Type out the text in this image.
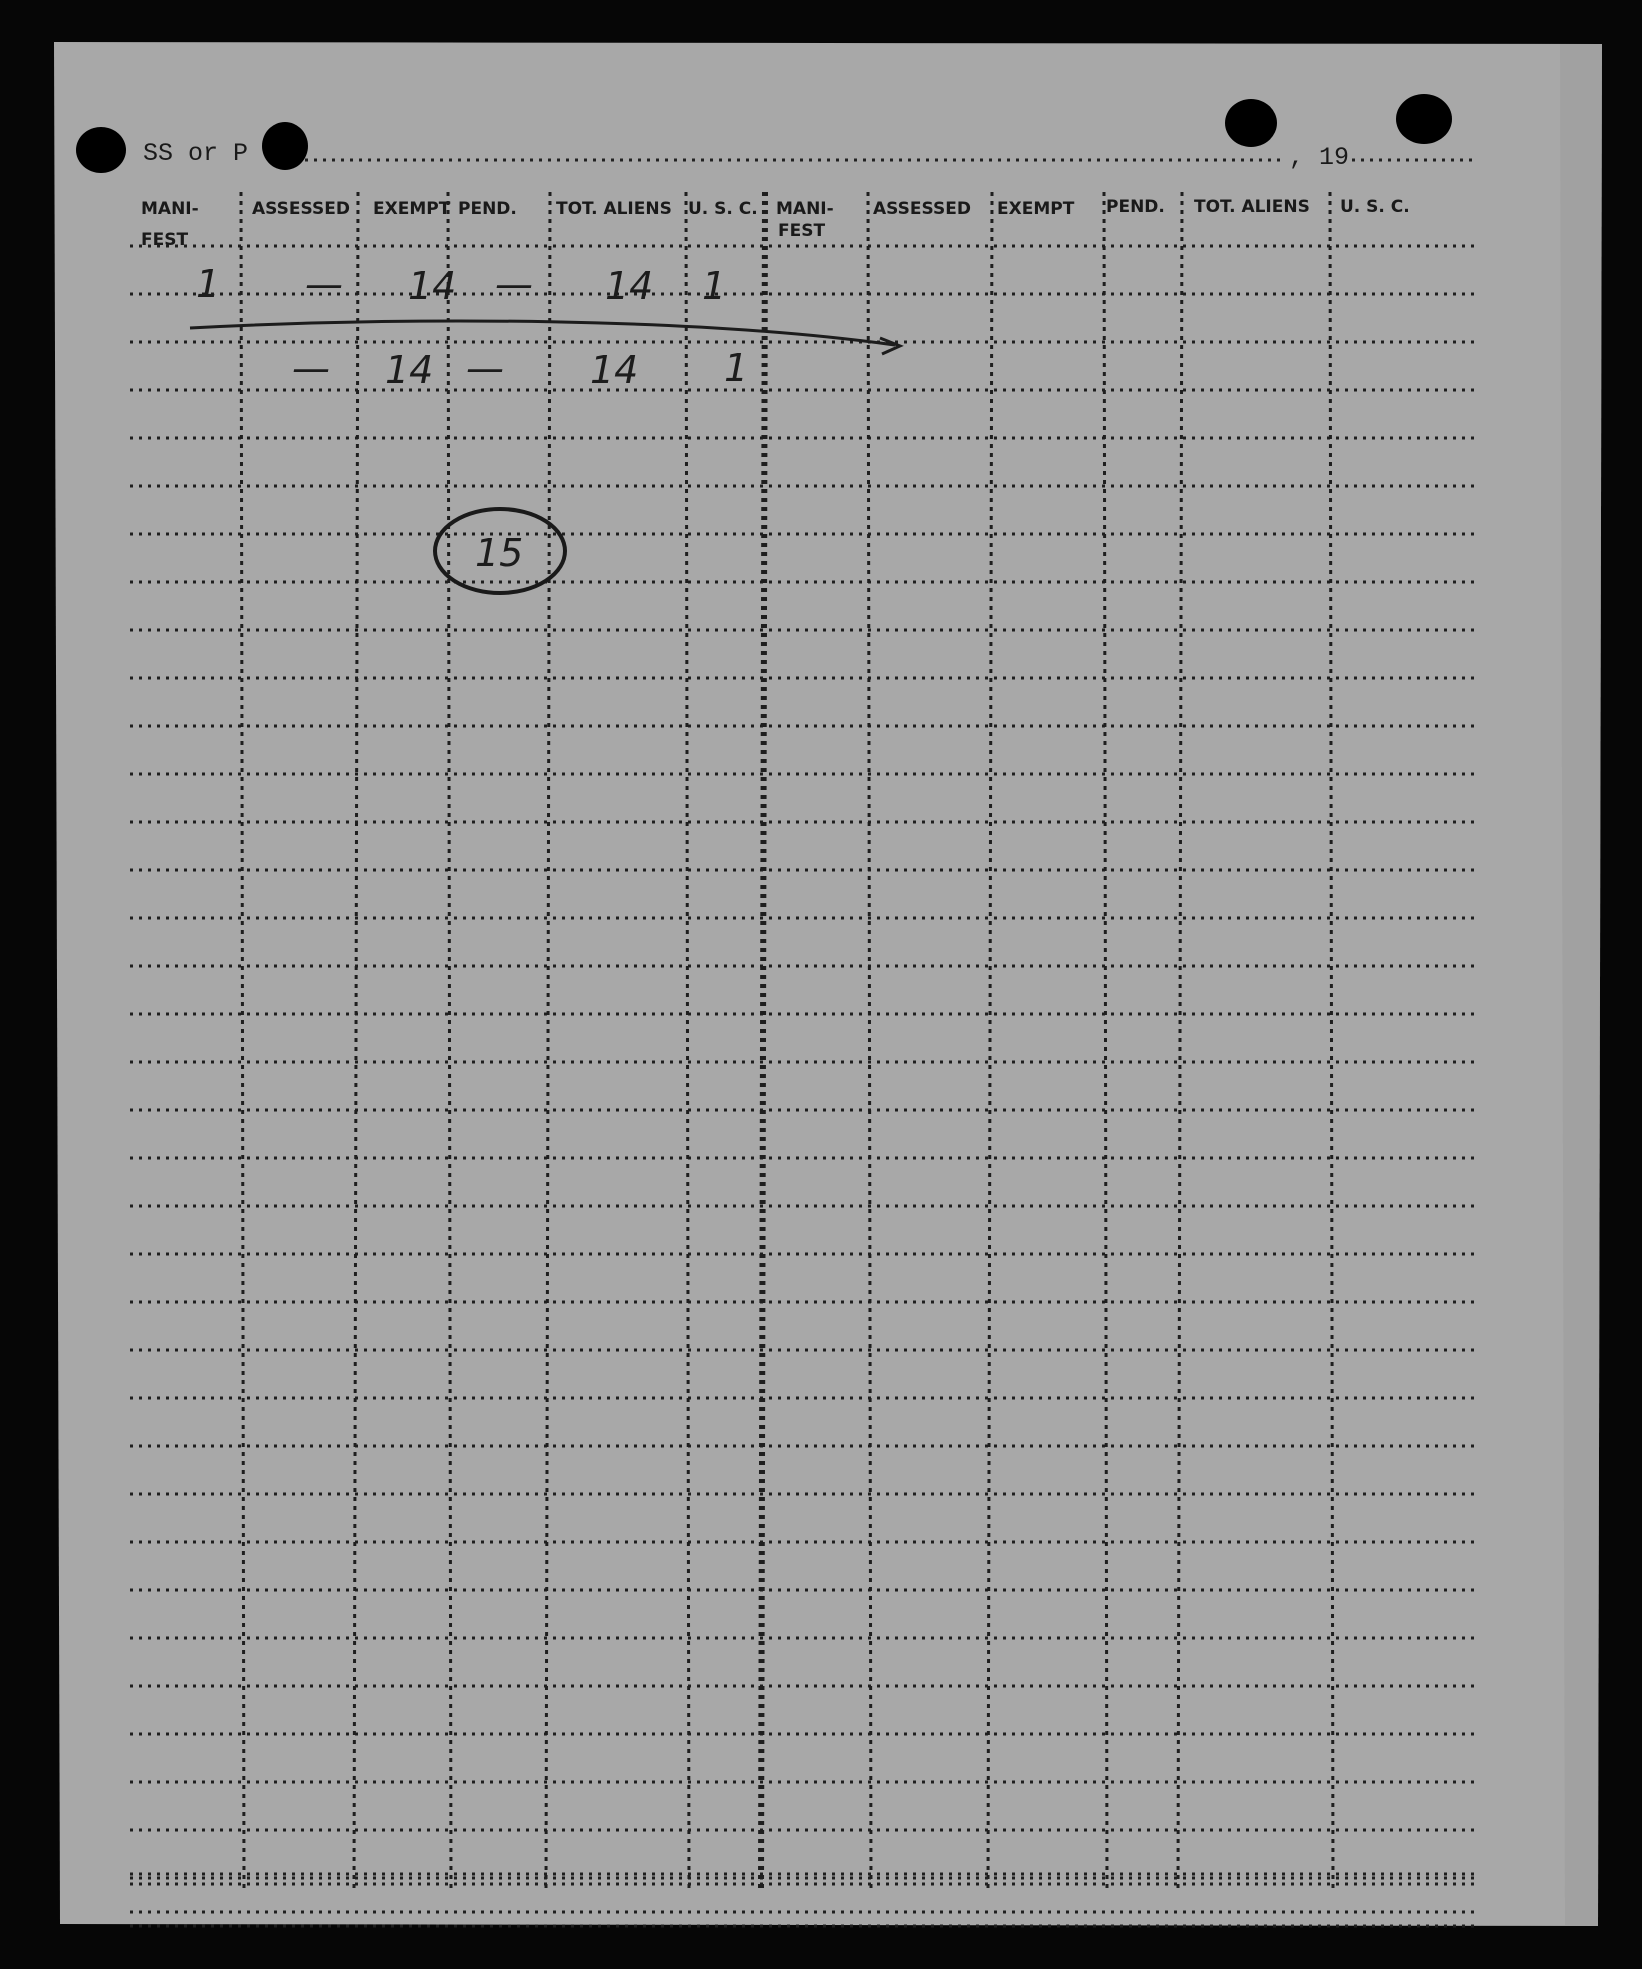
SS or P	, 19
MANI-
FEST
ASSESSED EXEMPT PEND. TOT. ALIENS U. S. C. MANI-
FEST
ASSESSED EXEMPT PEND. TOT. ALIENS U. S. C.
1 — 14 — 14 1
— 14 — 14 1
15
